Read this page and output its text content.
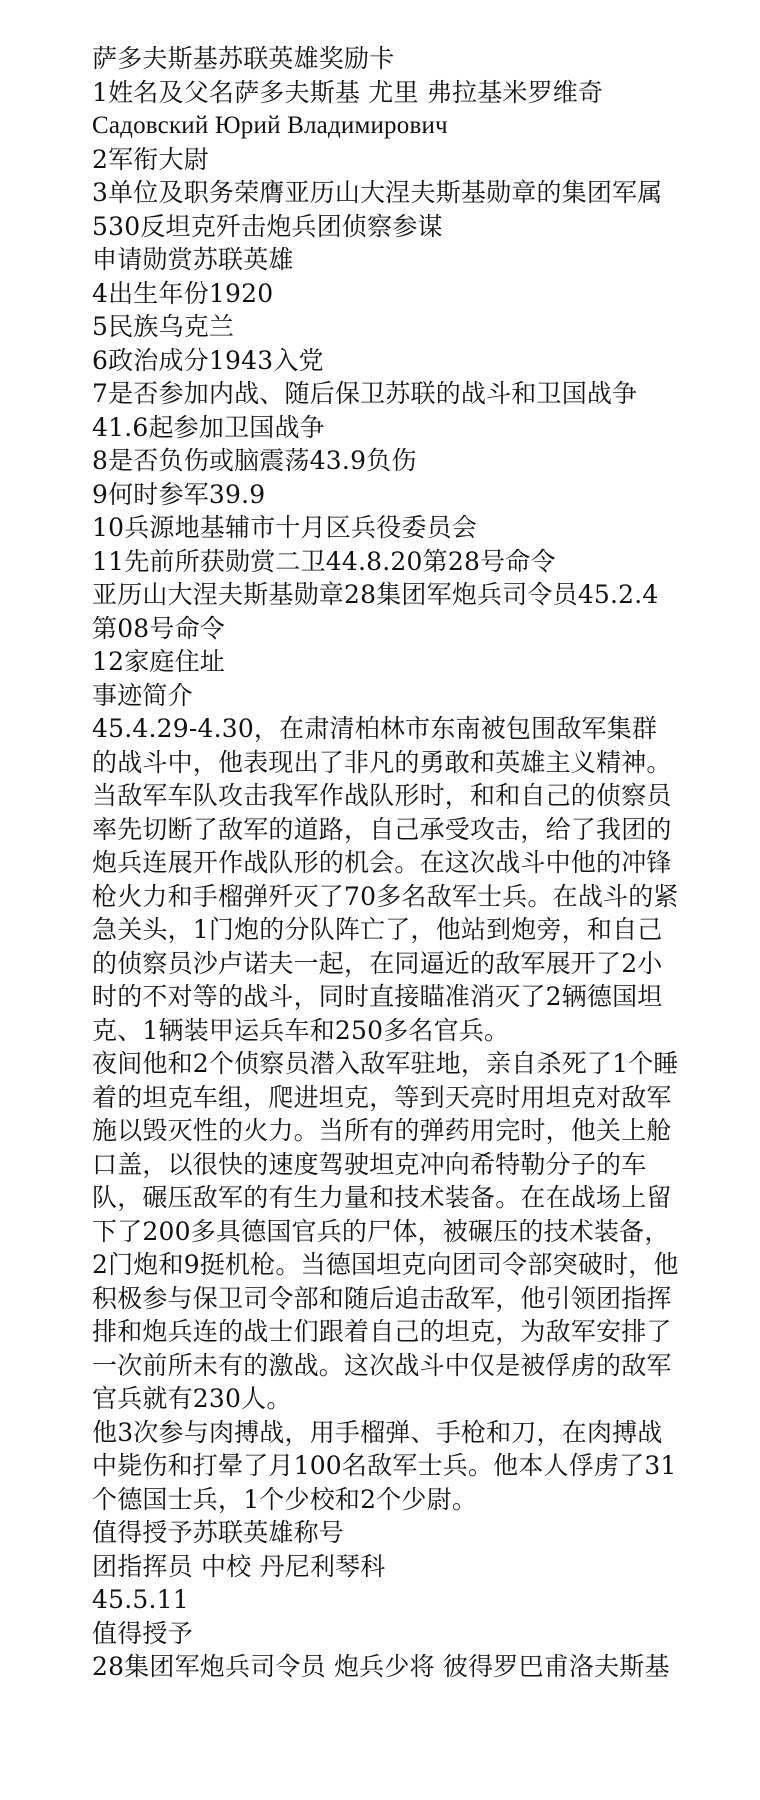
萨多夫斯基苏联英雄奖励卡

1姓名及父名萨多夫斯基 尤里 弗拉基米罗维奇

Садовский Юрий Владимирович

2军衔大尉

3单位及职务荣膺亚历山大涅夫斯基勋章的集团军属530反坦克歼击炮兵团侦察参谋

申请勋赏苏联英雄

4出生年份1920

5民族乌克兰

6政治成分1943入党

7是否参加内战、随后保卫苏联的战斗和卫国战争41.6起参加卫国战争

8是否负伤或脑震荡43.9负伤

9何时参军39.9

10兵源地基辅市十月区兵役委员会

11先前所获勋赏二卫44.8.20第28号命令

亚历山大涅夫斯基勋章28集团军炮兵司令员45.2.4第08号命令

12家庭住址

事迹简介

45.4.29-4.30，在肃清柏林市东南被包围敌军集群的战斗中，他表现出了非凡的勇敢和英雄主义精神。

当敌军车队攻击我军作战队形时，和和自己的侦察员率先切断了敌军的道路，自己承受攻击，给了我团的炮兵连展开作战队形的机会。在这次战斗中他的冲锋枪火力和手榴弹歼灭了70多名敌军士兵。在战斗的紧急关头，1门炮的分队阵亡了，他站到炮旁，和自己的侦察员沙卢诺夫一起，在同逼近的敌军展开了2小时的不对等的战斗，同时直接瞄准消灭了2辆德国坦克、1辆装甲运兵车和250多名官兵。

夜间他和2个侦察员潜入敌军驻地，亲自杀死了1个睡着的坦克车组，爬进坦克，等到天亮时用坦克对敌军施以毁灭性的火力。当所有的弹药用完时，他关上舱口盖，以很快的速度驾驶坦克冲向希特勒分子的车队，碾压敌军的有生力量和技术装备。在在战场上留下了200多具德国官兵的尸体，被碾压的技术装备，2门炮和9挺机枪。当德国坦克向团司令部突破时，他积极参与保卫司令部和随后追击敌军，他引领团指挥排和炮兵连的战士们跟着自己的坦克，为敌军安排了一次前所未有的激战。这次战斗中仅是被俘虏的敌军官兵就有230人。

他3次参与肉搏战，用手榴弹、手枪和刀，在肉搏战中毙伤和打晕了月100名敌军士兵。他本人俘虏了31个德国士兵，1个少校和2个少尉。

值得授予苏联英雄称号

团指挥员 中校 丹尼利琴科

45.5.11

值得授予

28集团军炮兵司令员 炮兵少将 彼得罗巴甫洛夫斯基
